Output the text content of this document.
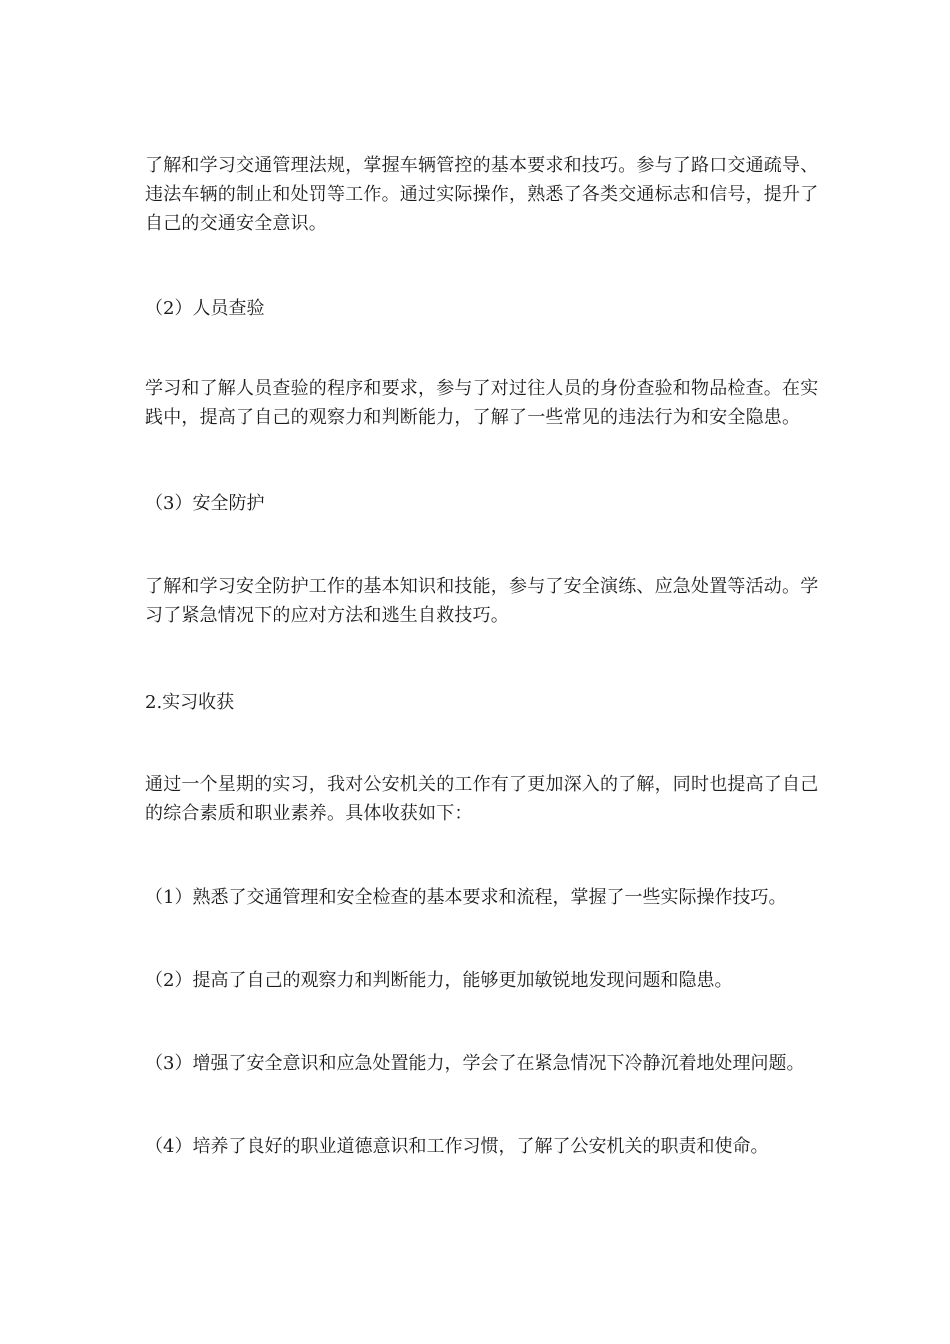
了解和学习交通管理法规，掌握车辆管控的基本要求和技巧。参与了路口交通疏导、
违法车辆的制止和处罚等工作。通过实际操作，熟悉了各类交通标志和信号，提升了
自己的交通安全意识。

（2）人员查验

学习和了解人员查验的程序和要求，参与了对过往人员的身份查验和物品检查。在实
践中，提高了自己的观察力和判断能力，了解了一些常见的违法行为和安全隐患。

（3）安全防护

了解和学习安全防护工作的基本知识和技能，参与了安全演练、应急处置等活动。学
习了紧急情况下的应对方法和逃生自救技巧。

2.实习收获

通过一个星期的实习，我对公安机关的工作有了更加深入的了解，同时也提高了自己
的综合素质和职业素养。具体收获如下：

（1）熟悉了交通管理和安全检查的基本要求和流程，掌握了一些实际操作技巧。

（2）提高了自己的观察力和判断能力，能够更加敏锐地发现问题和隐患。

（3）增强了安全意识和应急处置能力，学会了在紧急情况下冷静沉着地处理问题。

（4）培养了良好的职业道德意识和工作习惯，了解了公安机关的职责和使命。
